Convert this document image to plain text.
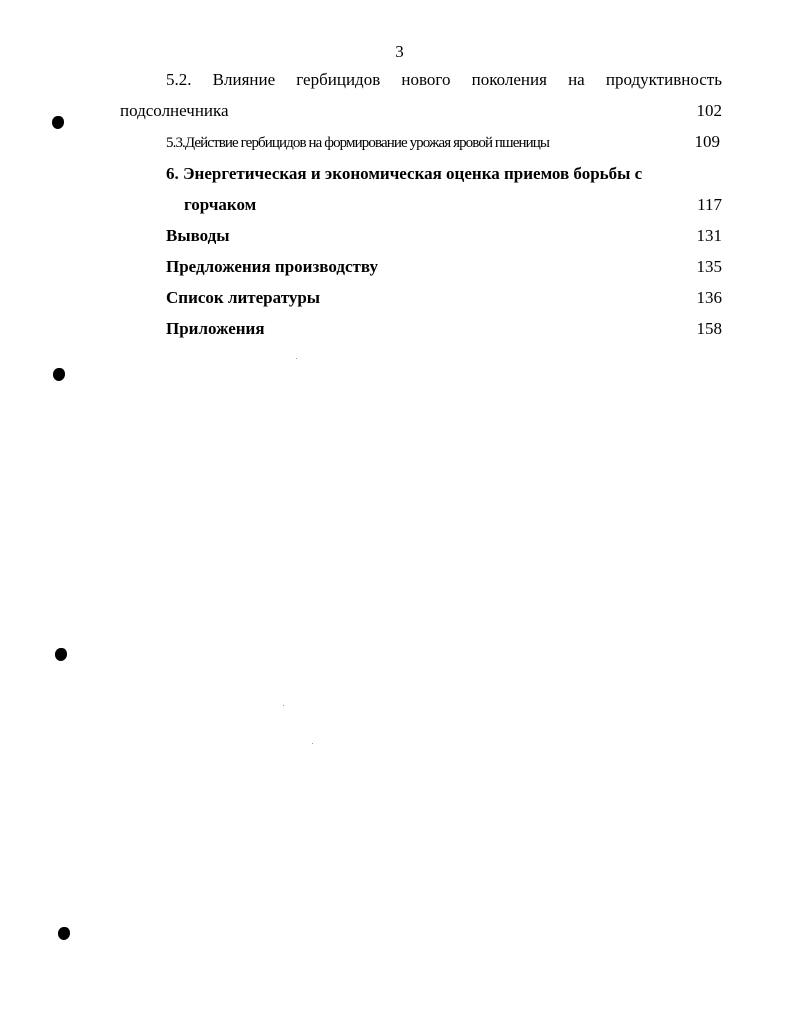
3
5.2. Влияние гербицидов нового поколения на продуктивность
подсолнечника	102
5.3.Действие гербицидов на формирование урожая яровой пшеницы	109
6. Энергетическая и экономическая оценка приемов борьбы с
горчаком	117
Выводы	131
Предложения производству	135
Список литературы	136
Приложения	158
